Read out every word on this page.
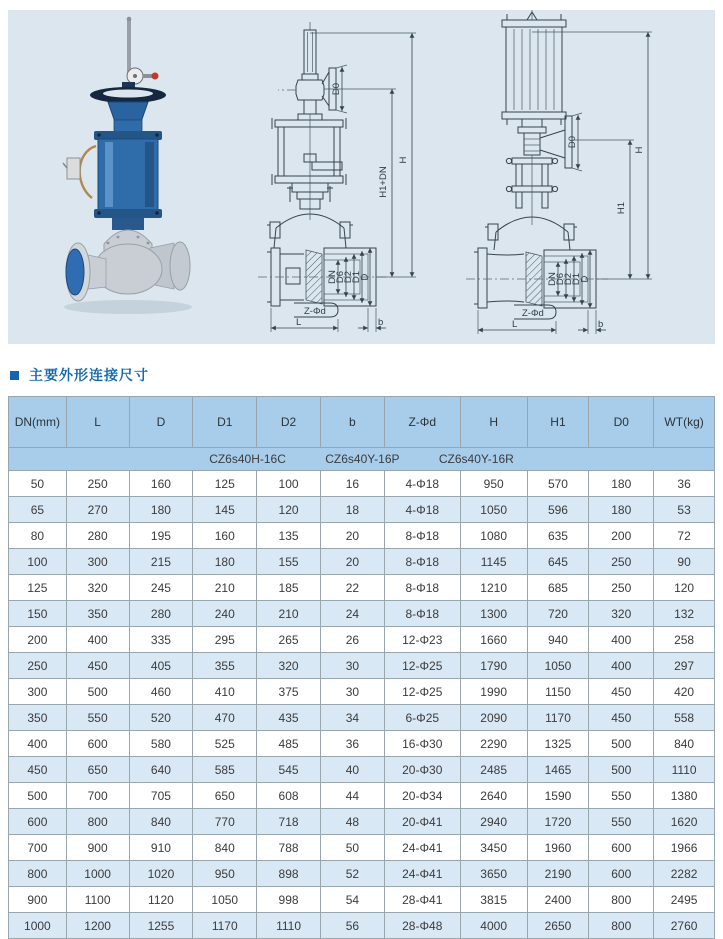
D0
DN
D6
D2
D1
D
Z-Φd
L	b
H1+DN
H
D0
DN
D6
D2
D1
D
Z-Φd
L	b
H1
H
主要外形连接尺寸
DN(mm)	L	D	D1	D2	b	Z-Φd	H	H1	D0	WT(kg)
CZ6s40H-16C CZ6s40Y-16P CZ6s40Y-16R										
50	250	160	125	100	16	4-Φ18	950	570	180	36
65	270	180	145	120	18	4-Φ18	1050	596	180	53
80	280	195	160	135	20	8-Φ18	1080	635	200	72
100	300	215	180	155	20	8-Φ18	1145	645	250	90
125	320	245	210	185	22	8-Φ18	1210	685	250	120
150	350	280	240	210	24	8-Φ18	1300	720	320	132
200	400	335	295	265	26	12-Φ23	1660	940	400	258
250	450	405	355	320	30	12-Φ25	1790	1050	400	297
300	500	460	410	375	30	12-Φ25	1990	1150	450	420
350	550	520	470	435	34	6-Φ25	2090	1170	450	558
400	600	580	525	485	36	16-Φ30	2290	1325	500	840
450	650	640	585	545	40	20-Φ30	2485	1465	500	1110
500	700	705	650	608	44	20-Φ34	2640	1590	550	1380
600	800	840	770	718	48	20-Φ41	2940	1720	550	1620
700	900	910	840	788	50	24-Φ41	3450	1960	600	1966
800	1000	1020	950	898	52	24-Φ41	3650	2190	600	2282
900	1100	1120	1050	998	54	28-Φ41	3815	2400	800	2495
1000	1200	1255	1170	1110	56	28-Φ48	4000	2650	800	2760
